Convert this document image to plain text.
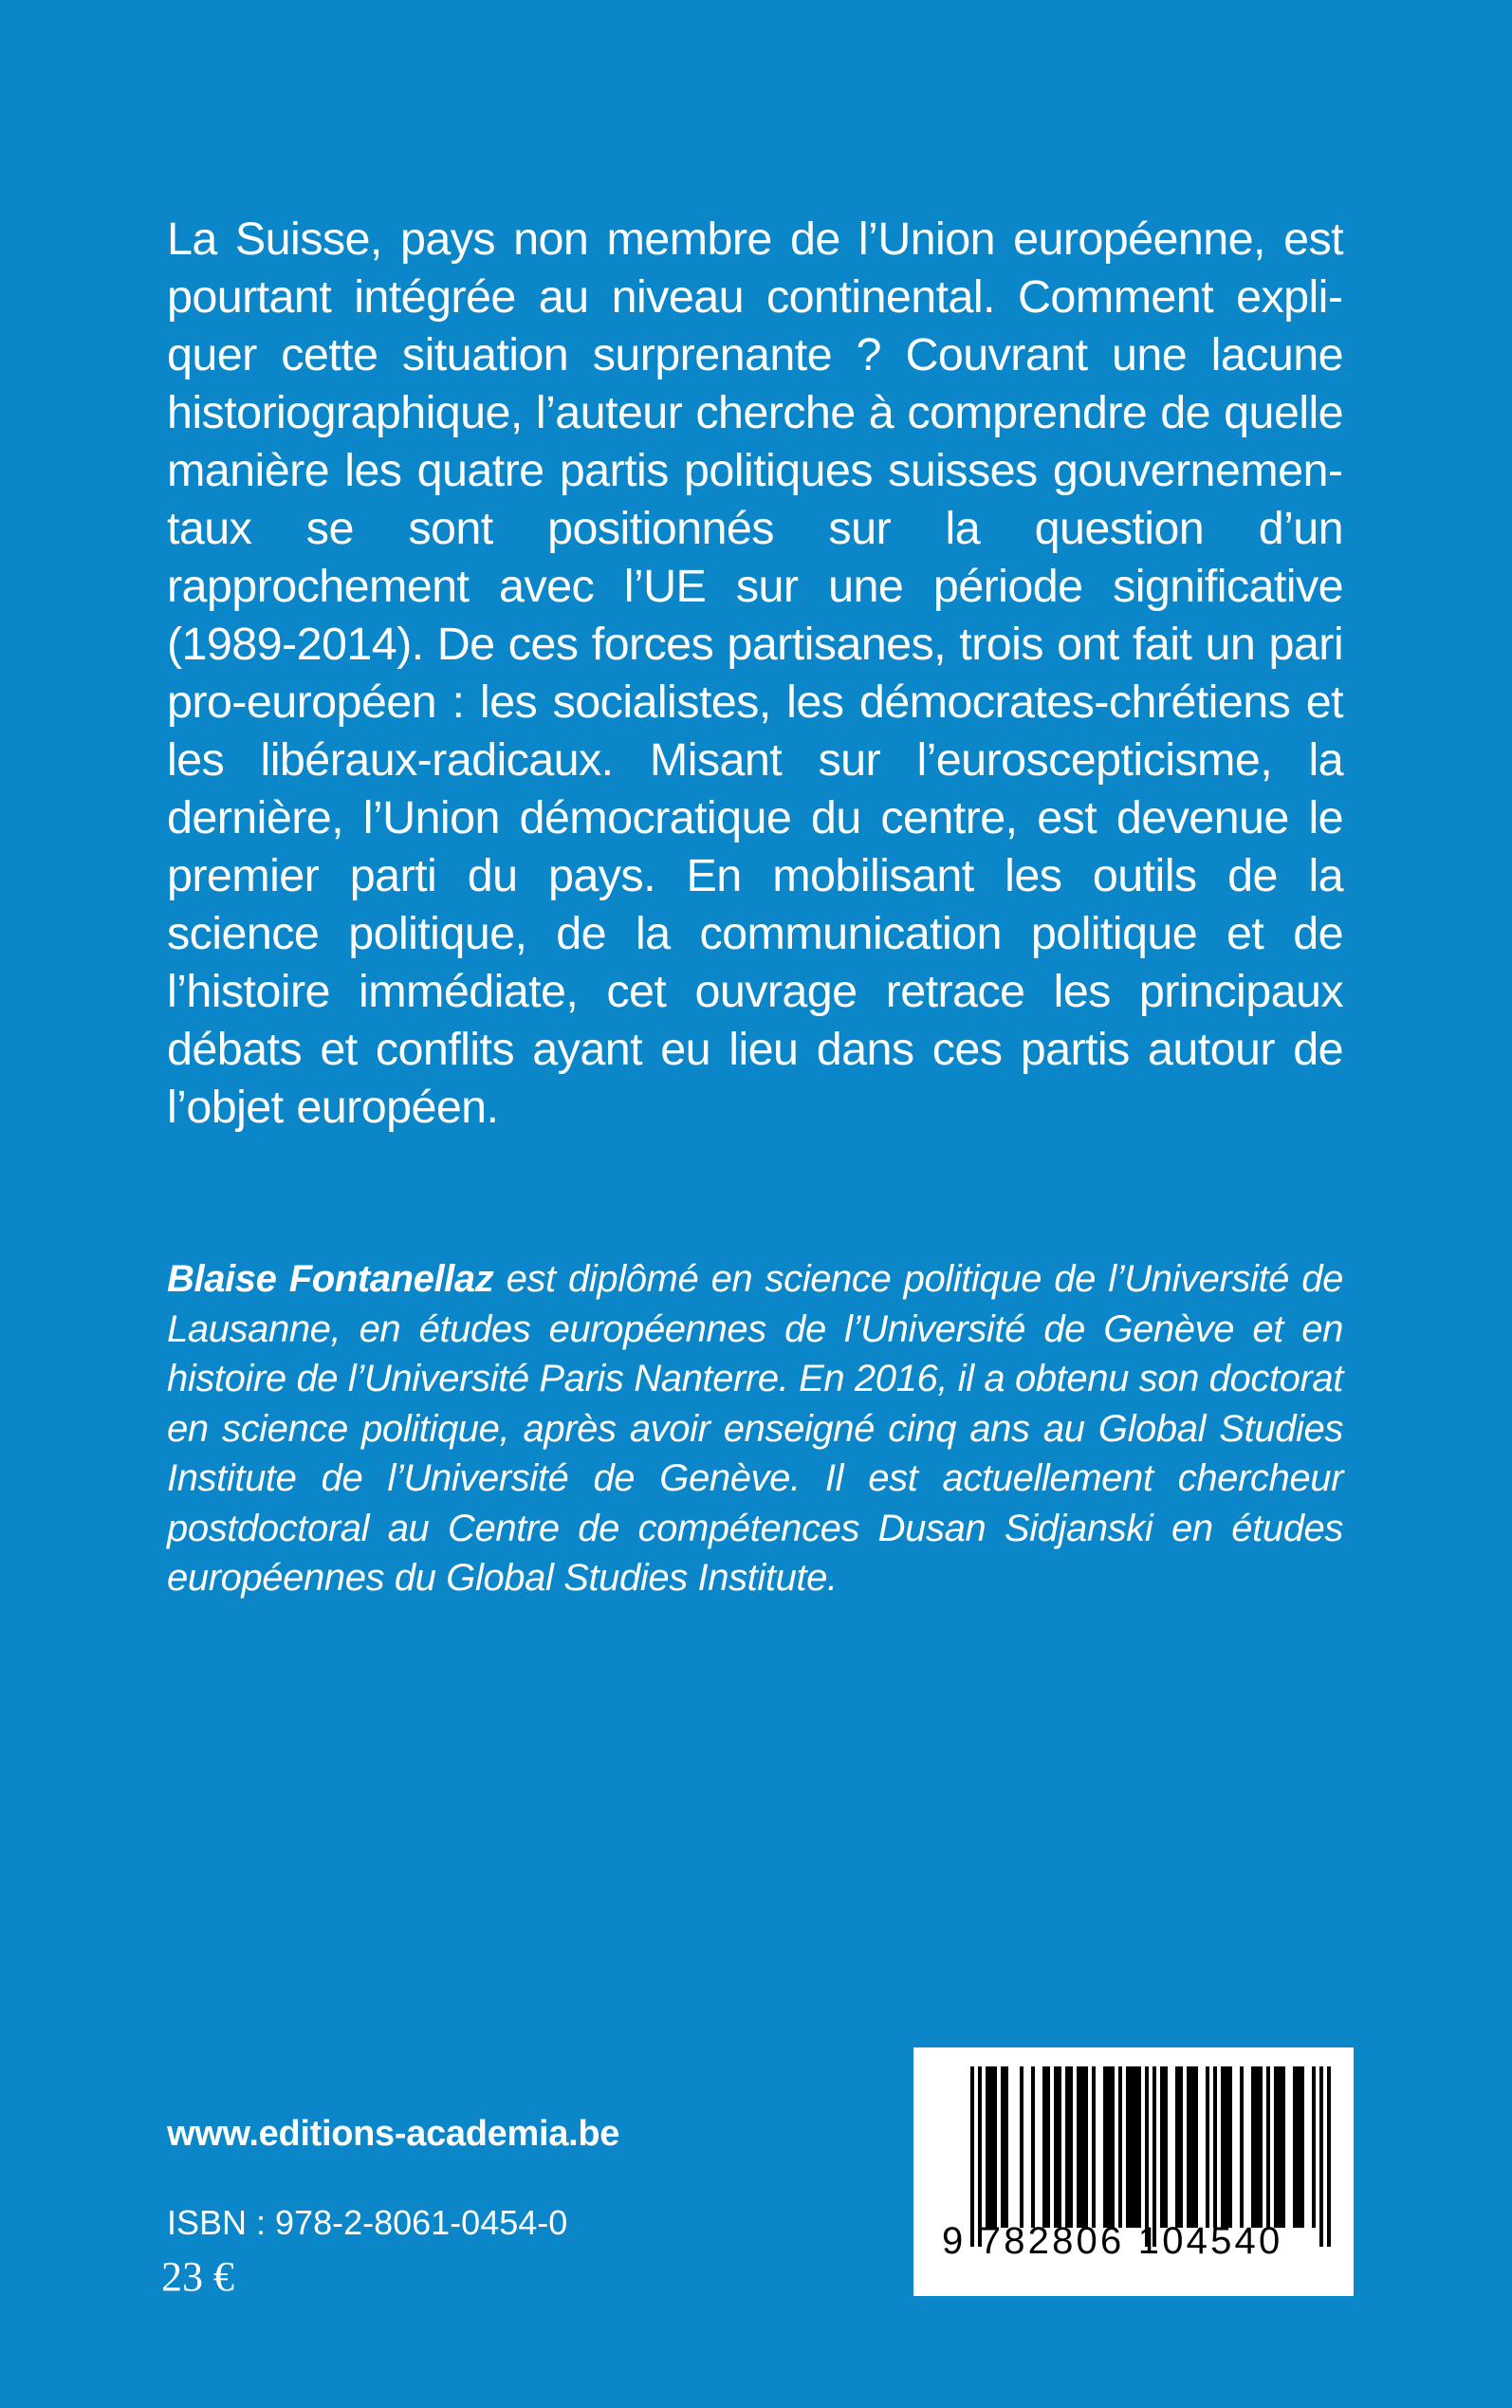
La Suisse, pays non membre de l’Union européenne, est pourtant intégrée au niveau continental. Comment expliquer cette situation surprenante ? Couvrant une lacune historiographique, l’auteur cherche à comprendre de quelle manière les quatre partis politiques suisses gouvernementaux se sont positionnés sur la question d’un rapprochement avec l’UE sur une période significative (1989-2014). De ces forces partisanes, trois ont fait un pari pro-européen : les socialistes, les démocrates-chrétiens et les libéraux-radicaux. Misant sur l’euroscepticisme, la dernière, l’Union démocratique du centre, est devenue le premier parti du pays. En mobilisant les outils de la science politique, de la communication politique et de l’histoire immédiate, cet ouvrage retrace les principaux débats et conflits ayant eu lieu dans ces partis autour de l’objet européen.

Blaise Fontanellaz est diplômé en science politique de l’Université de Lausanne, en études européennes de l’Université de Genève et en histoire de l’Université Paris Nanterre. En 2016, il a obtenu son doctorat en science politique, après avoir enseigné cinq ans au Global Studies Institute de l’Université de Genève. Il est actuellement chercheur postdoctoral au Centre de compétences Dusan Sidjanski en études européennes du Global Studies Institute.

www.editions-academia.be
ISBN : 978-2-8061-0454-0
23 €
9 782806 104540
